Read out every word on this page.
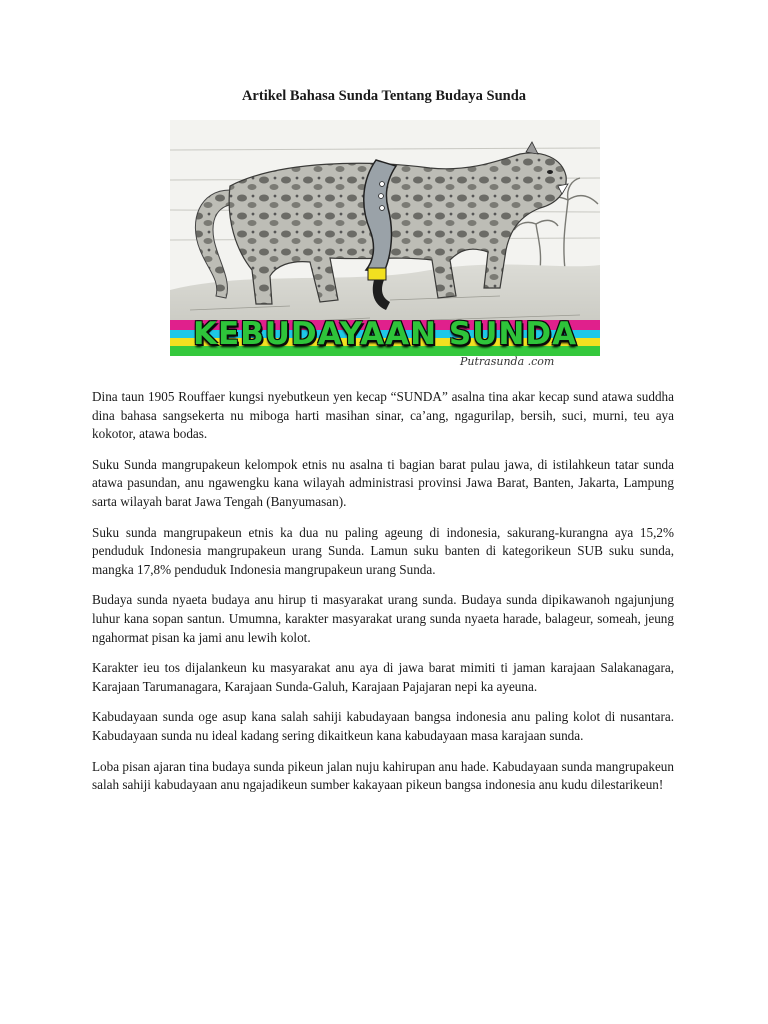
Artikel Bahasa Sunda Tentang Budaya Sunda
KEBUDAYAAN SUNDA
Putrasunda .com

Dina taun 1905 Rouffaer kungsi nyebutkeun yen kecap “SUNDA” asalna tina akar kecap sund atawa suddha dina bahasa sangsekerta nu miboga harti masihan sinar, ca’ang, ngagurilap, bersih, suci, murni, teu aya kokotor, atawa bodas.

Suku Sunda mangrupakeun kelompok etnis nu asalna ti bagian barat pulau jawa, di istilahkeun tatar sunda atawa pasundan, anu ngawengku kana wilayah administrasi provinsi Jawa Barat, Banten, Jakarta, Lampung sarta wilayah barat Jawa Tengah (Banyumasan).

Suku sunda mangrupakeun etnis ka dua nu paling ageung di indonesia, sakurang-kurangna aya 15,2% penduduk Indonesia mangrupakeun urang Sunda. Lamun suku banten di kategorikeun SUB suku sunda, mangka 17,8% penduduk Indonesia mangrupakeun urang Sunda.

Budaya sunda nyaeta budaya anu hirup ti masyarakat urang sunda. Budaya sunda dipikawanoh ngajunjung luhur kana sopan santun. Umumna, karakter masyarakat urang sunda nyaeta harade, balageur, someah, jeung ngahormat pisan ka jami anu lewih kolot.

Karakter ieu tos dijalankeun ku masyarakat anu aya di jawa barat mimiti ti jaman karajaan Salakanagara, Karajaan Tarumanagara, Karajaan Sunda-Galuh, Karajaan Pajajaran nepi ka ayeuna.

Kabudayaan sunda oge asup kana salah sahiji kabudayaan bangsa indonesia anu paling kolot di nusantara. Kabudayaan sunda nu ideal kadang sering dikaitkeun kana kabudayaan masa karajaan sunda.

Loba pisan ajaran tina budaya sunda pikeun jalan nuju kahirupan anu hade. Kabudayaan sunda mangrupakeun salah sahiji kabudayaan anu ngajadikeun sumber kakayaan pikeun bangsa indonesia anu kudu dilestarikeun!
